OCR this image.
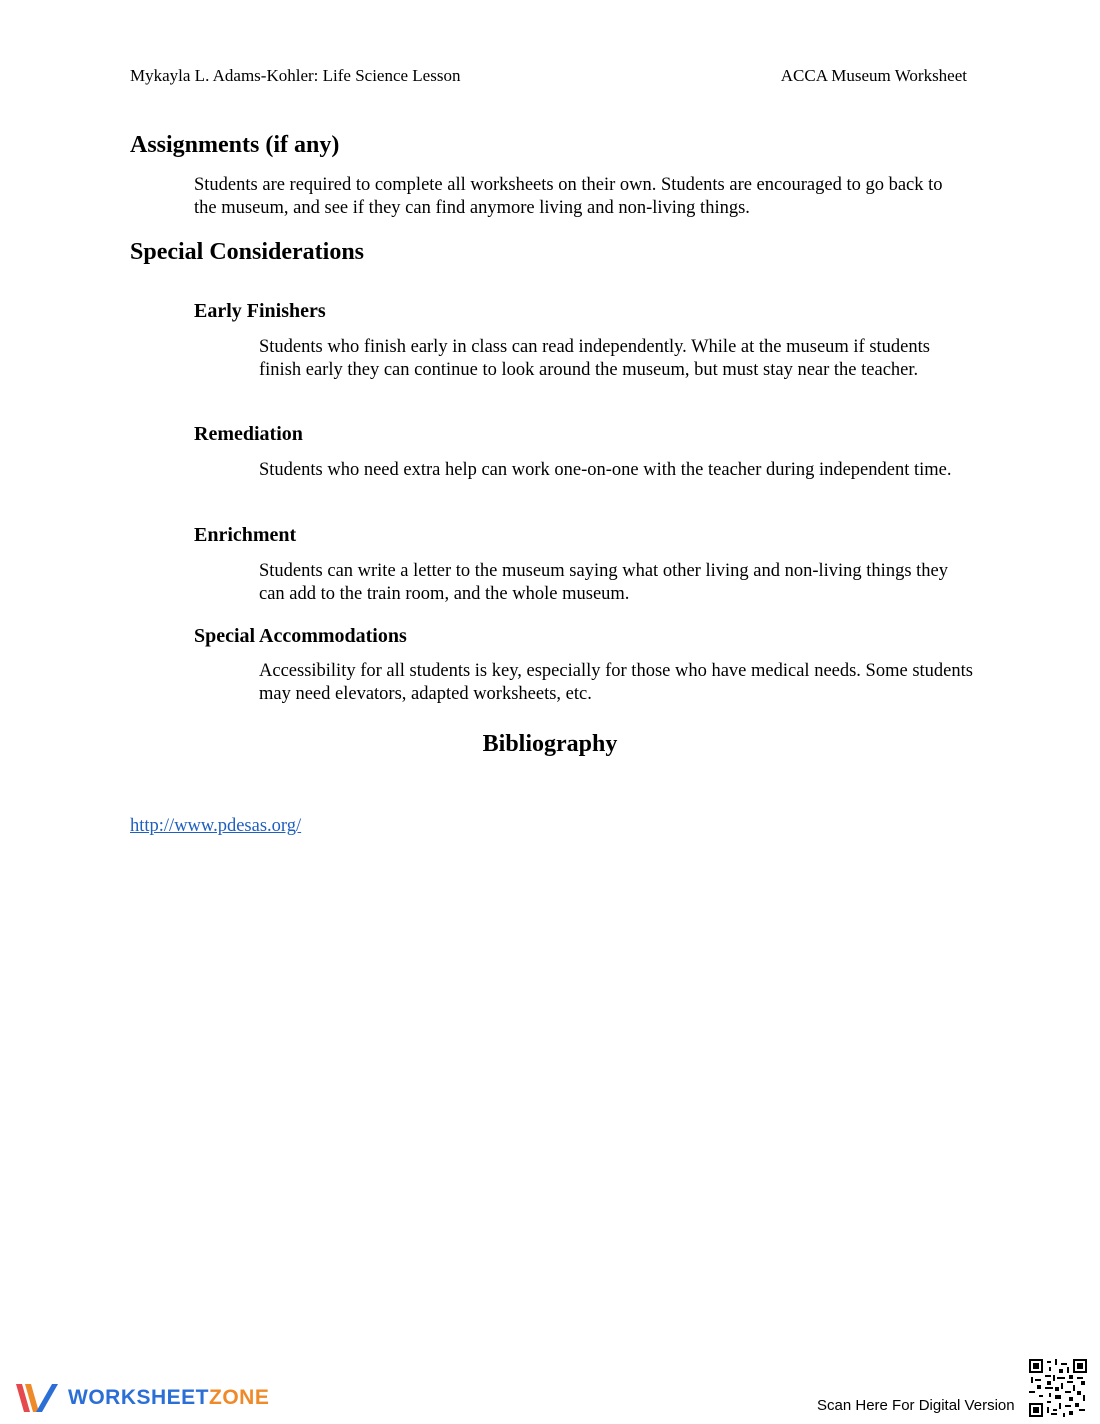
Mykayla L. Adams-Kohler: Life Science Lesson	ACCA Museum Worksheet
Assignments (if any)

Students are required to complete all worksheets on their own. Students are encouraged to go back to the museum, and see if they can find anymore living and non-living things.

Special Considerations
Early Finishers

Students who finish early in class can read independently. While at the museum if students finish early they can continue to look around the museum, but must stay near the teacher.

Remediation

Students who need extra help can work one-on-one with the teacher during independent time.

Enrichment

Students can write a letter to the museum saying what other living and non-living things they can add to the train room, and the whole museum.

Special Accommodations

Accessibility for all students is key, especially for those who have medical needs. Some students may need elevators, adapted worksheets, etc.

Bibliography
http://www.pdesas.org/
WORKSHEETZONE	Scan Here For Digital Version
